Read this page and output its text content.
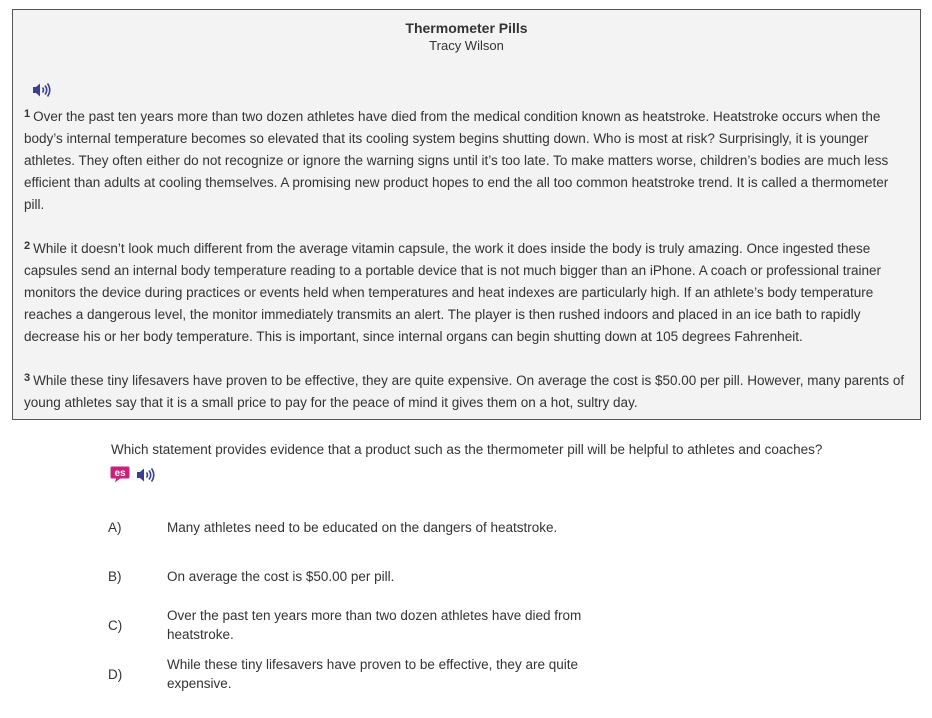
Thermometer Pills
Tracy Wilson

$^1$ Over the past ten years more than two dozen athletes have died from the medical condition known as heatstroke. Heatstroke occurs when the body’s internal temperature becomes so elevated that its cooling system begins shutting down. Who is most at risk? Surprisingly, it is younger athletes. They often either do not recognize or ignore the warning signs until it’s too late. To make matters worse, children’s bodies are much less efficient than adults at cooling themselves. A promising new product hopes to end the all too common heatstroke trend. It is called a thermometer pill.

$^2$ While it doesn’t look much different from the average vitamin capsule, the work it does inside the body is truly amazing. Once ingested these capsules send an internal body temperature reading to a portable device that is not much bigger than an iPhone. A coach or professional trainer monitors the device during practices or events held when temperatures and heat indexes are particularly high. If an athlete’s body temperature reaches a dangerous level, the monitor immediately transmits an alert. The player is then rushed indoors and placed in an ice bath to rapidly decrease his or her body temperature. This is important, since internal organs can begin shutting down at 105 degrees Fahrenheit.

$^3$ While these tiny lifesavers have proven to be effective, they are quite expensive. On average the cost is $50.00 per pill. However, many parents of young athletes say that it is a small price to pay for the peace of mind it gives them on a hot, sultry day.

Which statement provides evidence that a product such as the thermometer pill will be helpful to athletes and coaches?
es
A)	Many athletes need to be educated on the dangers of heatstroke.
B)	On average the cost is $50.00 per pill.
C)
Over the past ten years more than two dozen athletes have died from heatstroke.
D)
While these tiny lifesavers have proven to be effective, they are quite expensive.
